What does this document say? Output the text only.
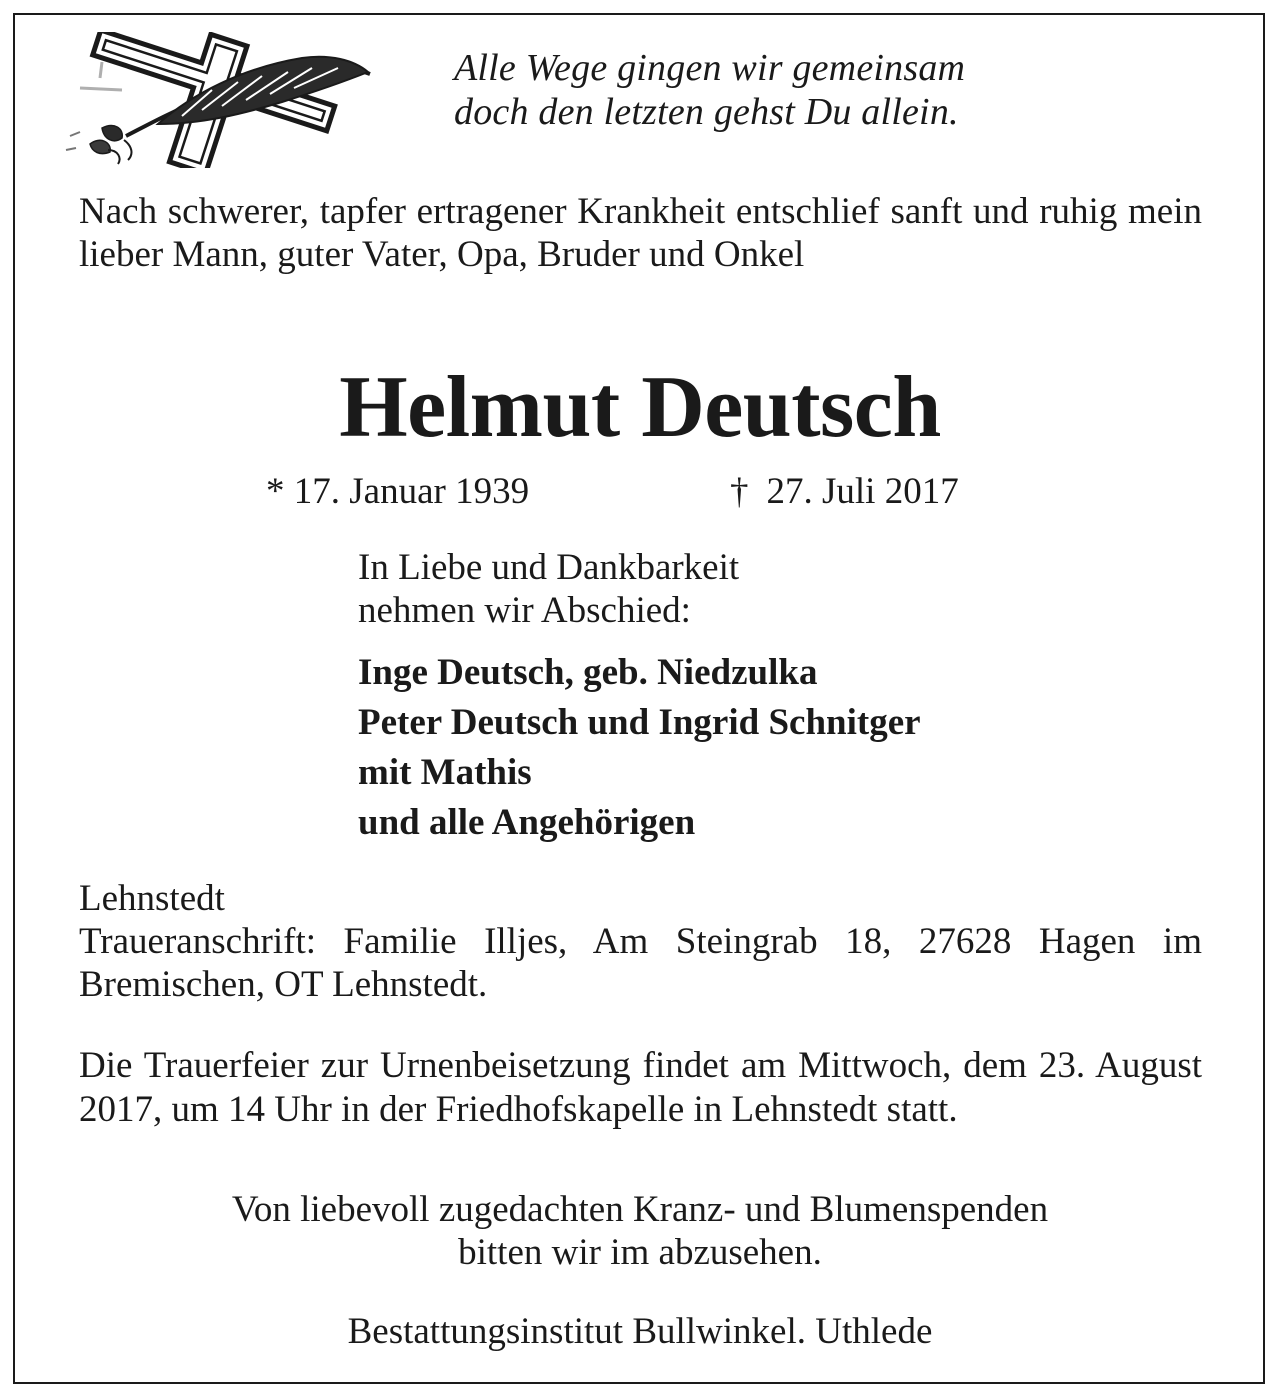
Alle Wege gingen wir gemeinsam
doch den letzten gehst Du allein.
Nach schwerer, tapfer ertragener Krankheit entschlief sanft und ruhig mein lieber Mann, guter Vater, Opa, Bruder und Onkel
Helmut Deutsch
* 17. Januar 1939	† 27. Juli 2017
In Liebe und Dankbarkeit
nehmen wir Abschied:
Inge Deutsch, geb. Niedzulka
Peter Deutsch und Ingrid Schnitger
mit Mathis
und alle Angehörigen
Lehnstedt
Traueranschrift: Familie Illjes, Am Steingrab 18, 27628 Hagen im Bremischen, OT Lehnstedt.
Die Trauerfeier zur Urnenbeisetzung findet am Mittwoch, dem 23. August 2017, um 14 Uhr in der Friedhofskapelle in Lehnstedt statt.
Von liebevoll zugedachten Kranz- und Blumenspenden
bitten wir im abzusehen.
Bestattungsinstitut Bullwinkel. Uthlede
